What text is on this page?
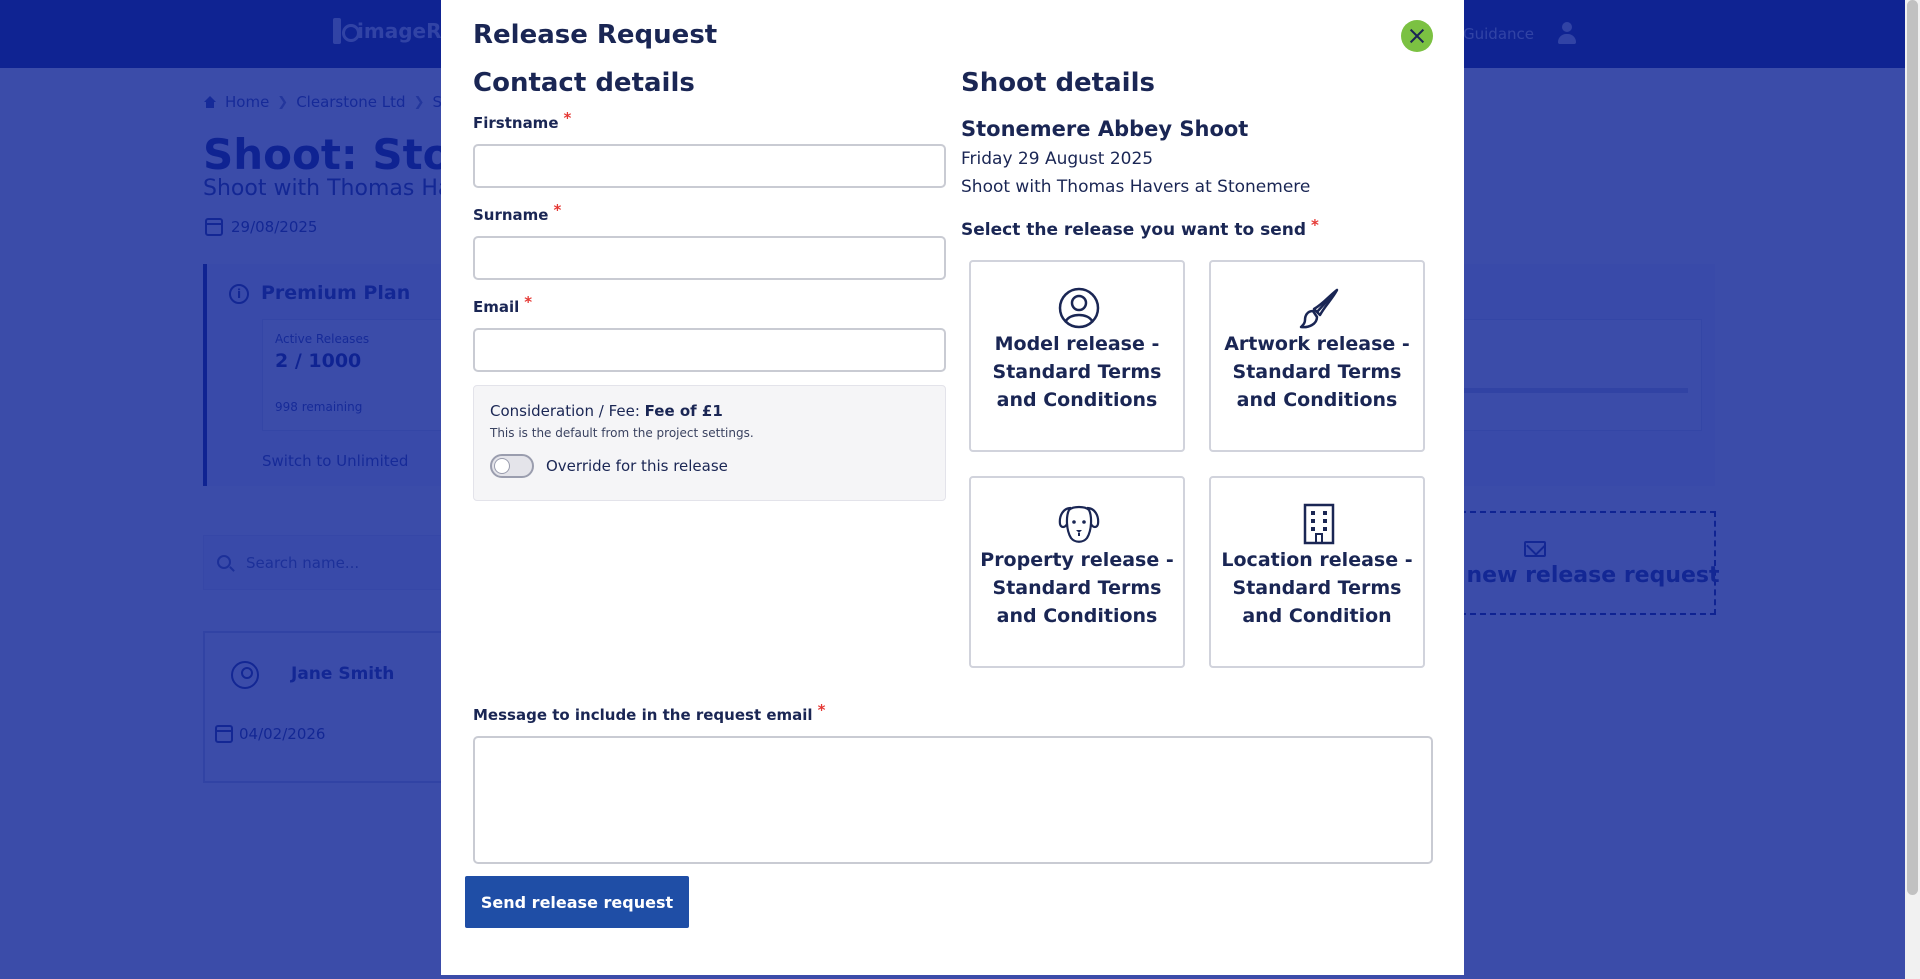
Release Request
Contact details
Firstname *
Surname *
Email *
Consideration / Fee: Fee of £1
This is the default from the project settings.
Override for this release
Shoot details
Stonemere Abbey Shoot
Friday 29 August 2025
Shoot with Thomas Havers at Stonemere
Select the release you want to send *
Model release - Standard Terms and Conditions
Artwork release - Standard Terms and Conditions
Property release - Standard Terms and Conditions
Location release - Standard Terms and Condition
Message to include in the request email *
Send release request
